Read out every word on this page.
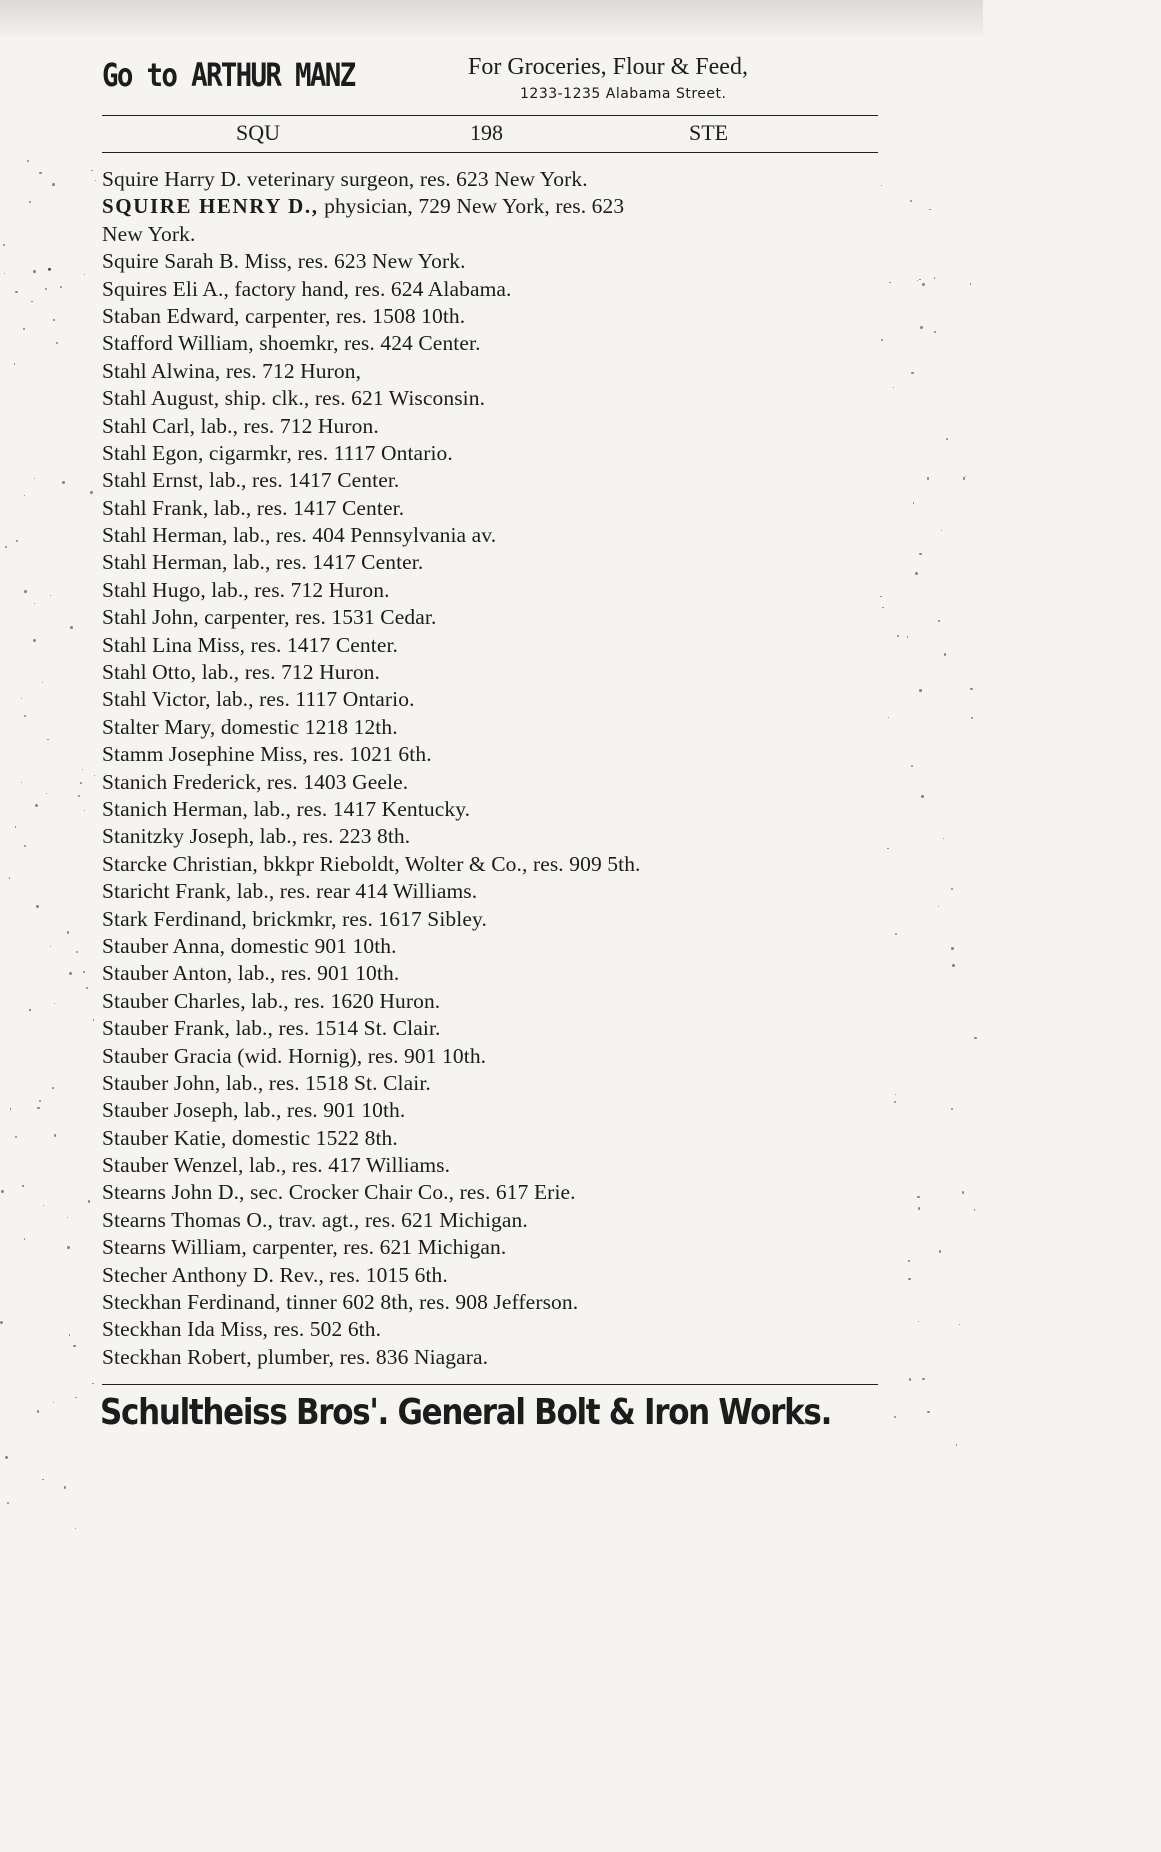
Go to ARTHUR MANZ	For Groceries, Flour & Feed,
1233-1235 Alabama Street.
SQU	198	STE
Squire Harry D. veterinary surgeon, res. 623 New York.
SQUIRE HENRY D., physician, 729 New York, res. 623
New York.
Squire Sarah B. Miss, res. 623 New York.
Squires Eli A., factory hand, res. 624 Alabama.
Staban Edward, carpenter, res. 1508 10th.
Stafford William, shoemkr, res. 424 Center.
Stahl Alwina, res. 712 Huron,
Stahl August, ship. clk., res. 621 Wisconsin.
Stahl Carl, lab., res. 712 Huron.
Stahl Egon, cigarmkr, res. 1117 Ontario.
Stahl Ernst, lab., res. 1417 Center.
Stahl Frank, lab., res. 1417 Center.
Stahl Herman, lab., res. 404 Pennsylvania av.
Stahl Herman, lab., res. 1417 Center.
Stahl Hugo, lab., res. 712 Huron.
Stahl John, carpenter, res. 1531 Cedar.
Stahl Lina Miss, res. 1417 Center.
Stahl Otto, lab., res. 712 Huron.
Stahl Victor, lab., res. 1117 Ontario.
Stalter Mary, domestic 1218 12th.
Stamm Josephine Miss, res. 1021 6th.
Stanich Frederick, res. 1403 Geele.
Stanich Herman, lab., res. 1417 Kentucky.
Stanitzky Joseph, lab., res. 223 8th.
Starcke Christian, bkkpr Rieboldt, Wolter & Co., res. 909 5th.
Staricht Frank, lab., res. rear 414 Williams.
Stark Ferdinand, brickmkr, res. 1617 Sibley.
Stauber Anna, domestic 901 10th.
Stauber Anton, lab., res. 901 10th.
Stauber Charles, lab., res. 1620 Huron.
Stauber Frank, lab., res. 1514 St. Clair.
Stauber Gracia (wid. Hornig), res. 901 10th.
Stauber John, lab., res. 1518 St. Clair.
Stauber Joseph, lab., res. 901 10th.
Stauber Katie, domestic 1522 8th.
Stauber Wenzel, lab., res. 417 Williams.
Stearns John D., sec. Crocker Chair Co., res. 617 Erie.
Stearns Thomas O., trav. agt., res. 621 Michigan.
Stearns William, carpenter, res. 621 Michigan.
Stecher Anthony D. Rev., res. 1015 6th.
Steckhan Ferdinand, tinner 602 8th, res. 908 Jefferson.
Steckhan Ida Miss, res. 502 6th.
Steckhan Robert, plumber, res. 836 Niagara.
Schultheiss Bros'. General Bolt & Iron Works.
